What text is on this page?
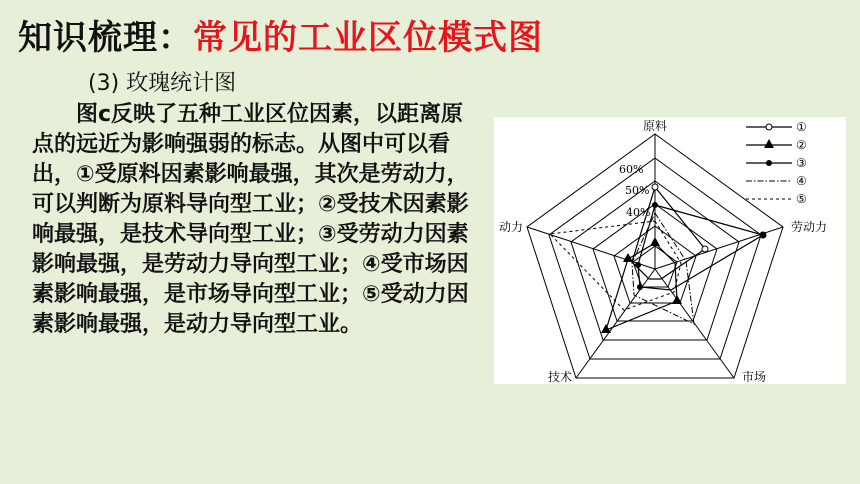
知识梳理：常见的工业区位模式图
(3) 玫瑰统计图
图c反映了五种工业区位因素，以距离原点的远近为影响强弱的标志。从图中可以看出，①受原料因素影响最强，其次是劳动力，可以判断为原料导向型工业；②受技术因素影响最强，是技术导向型工业；③受劳动力因素影响最强，是劳动力导向型工业；④受市场因素影响最强，是市场导向型工业；⑤受动力因素影响最强，是动力导向型工业。
原料
劳动力
市场
技术
动力
60%
50%
40%
①
②
③
④
⑤
